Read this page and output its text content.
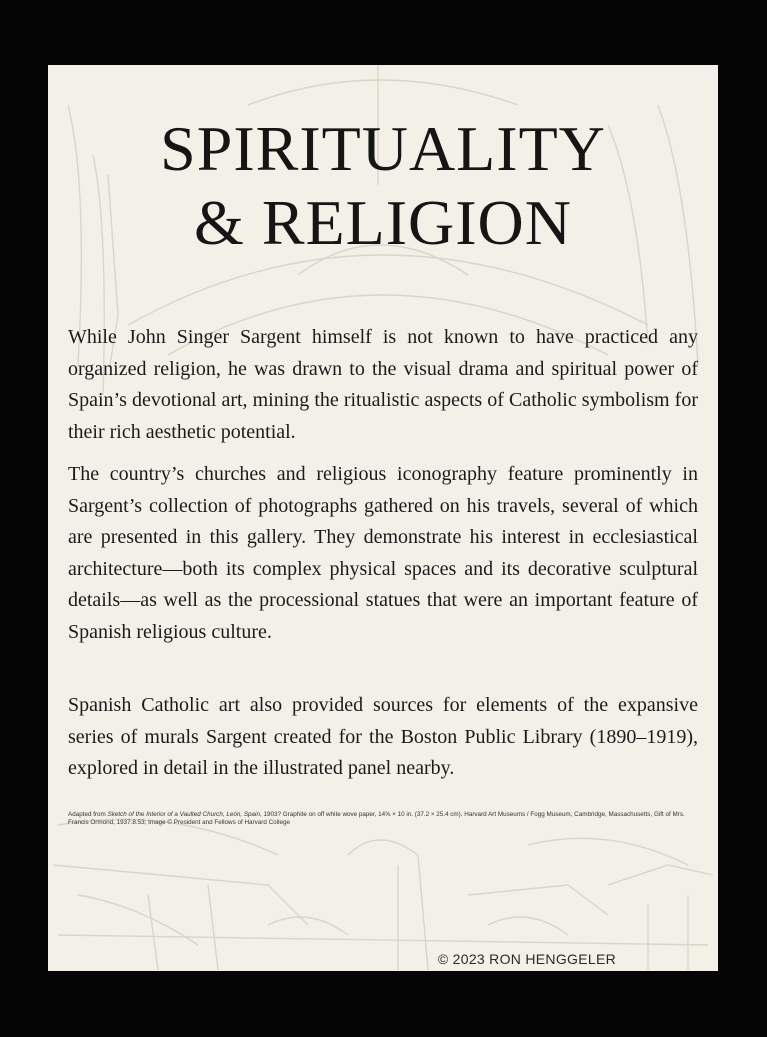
SPIRITUALITY
& RELIGION

While John Singer Sargent himself is not known to have practiced any organized religion, he was drawn to the visual drama and spiritual power of Spain’s devotional art, mining the ritualistic aspects of Catholic symbolism for their rich aesthetic potential.

The country’s churches and religious iconography feature prominently in Sargent’s collection of photographs gathered on his travels, several of which are presented in this gallery. They demonstrate his interest in ecclesiastical architecture—both its complex physical spaces and its decorative sculptural details—as well as the processional statues that were an important feature of Spanish religious culture.

Spanish Catholic art also provided sources for elements of the expansive series of murals Sargent created for the Boston Public Library (1890–1919), explored in detail in the illustrated panel nearby.

Adapted from Sketch of the Interior of a Vaulted Church, León, Spain, 1903? Graphite on off white wove paper, 14⅝ × 10 in. (37.2 × 25.4 cm). Harvard Art Museums / Fogg Museum, Cambridge, Massachusetts, Gift of Mrs. Francis Ormond, 1937.8.53; Image © President and Fellows of Harvard College
© 2023 RON HENGGELER
